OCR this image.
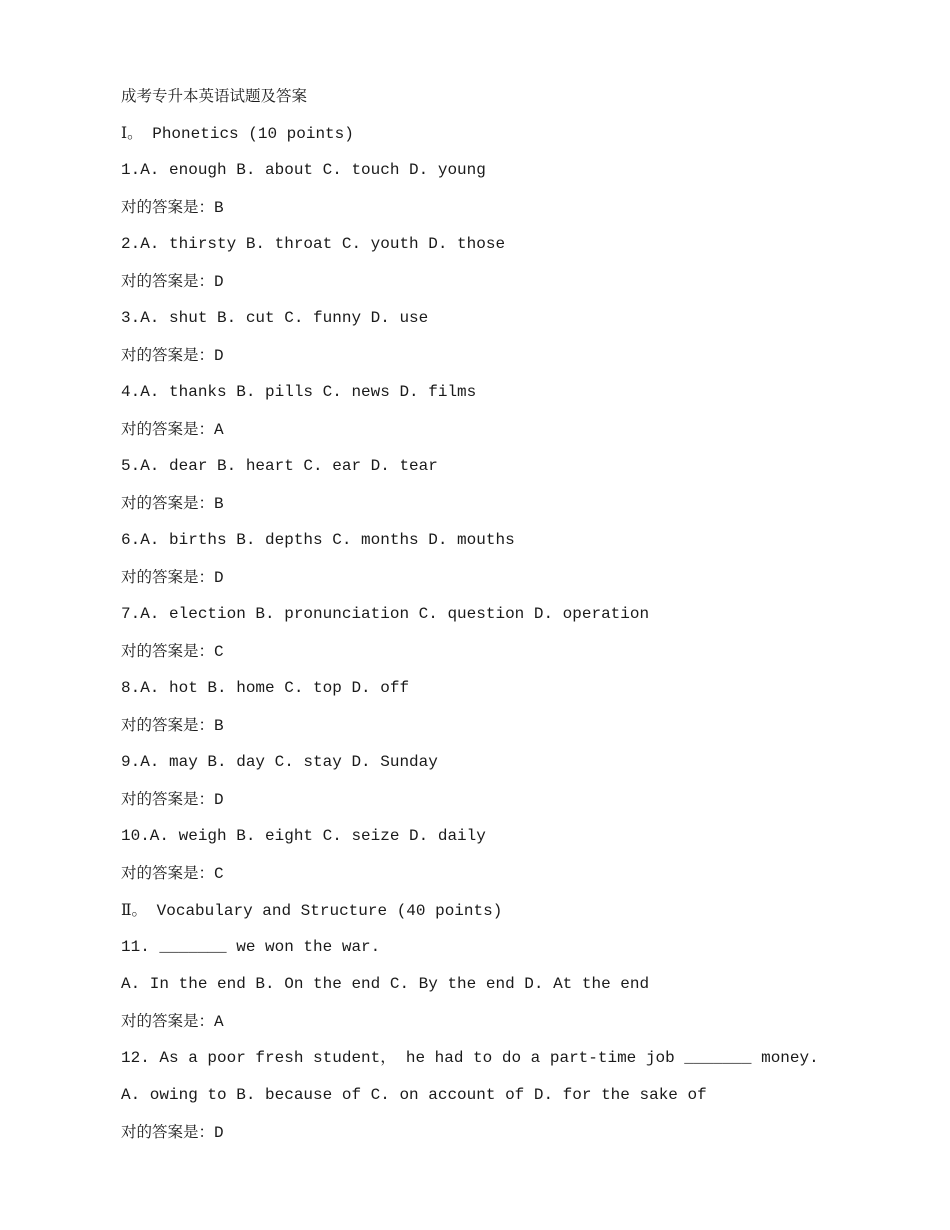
成考专升本英语试题及答案
Ⅰ。 Phonetics (10 points)
1.A. enough B. about C. touch D. young
对的答案是：B
2.A. thirsty B. throat C. youth D. those
对的答案是：D
3.A. shut B. cut C. funny D. use
对的答案是：D
4.A. thanks B. pills C. news D. films
对的答案是：A
5.A. dear B. heart C. ear D. tear
对的答案是：B
6.A. births B. depths C. months D. mouths
对的答案是：D
7.A. election B. pronunciation C. question D. operation
对的答案是：C
8.A. hot B. home C. top D. off
对的答案是：B
9.A. may B. day C. stay D. Sunday
对的答案是：D
10.A. weigh B. eight C. seize D. daily
对的答案是：C
Ⅱ。 Vocabulary and Structure (40 points)
11. _______ we won the war.
A. In the end B. On the end C. By the end D. At the end
对的答案是：A
12. As a poor fresh student， he had to do a part-time job _______ money.
A. owing to B. because of C. on account of D. for the sake of
对的答案是：D
